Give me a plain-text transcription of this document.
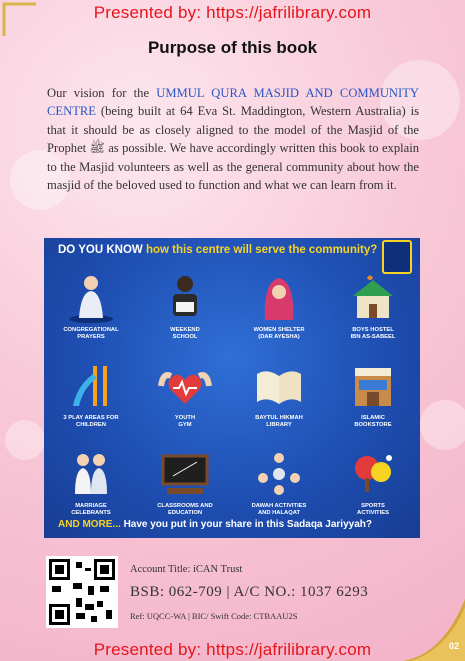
Presented by: https://jafrilibrary.com
Purpose of this book
Our vision for the UMMUL QURA MASJID AND COMMUNITY CENTRE (being built at 64 Eva St. Maddington, Western Australia) is that it should be as closely aligned to the model of the Masjid of the Prophet ﷺ as possible. We have accordingly written this book to explain to the Masjid volunteers as well as the general community about how the masjid of the beloved used to function and what we can learn from it.
DO YOU KNOW how this centre will serve the community?
CONGREGATIONAL
PRAYERS
WEEKEND
SCHOOL
WOMEN SHELTER
(DAR AYESHA)
BOYS HOSTEL
IBN AS-SABEEL
3 PLAY AREAS FOR
CHILDREN
YOUTH
GYM
BAYTUL HIKMAH
LIBRARY
ISLAMIC
BOOKSTORE
MARRIAGE
CELEBRANTS
CLASSROOMS AND
EDUCATION
DAWAH ACTIVITIES
AND HALAQAT
SPORTS
ACTIVITIES
AND MORE... Have you put in your share in this Sadaqa Jariyyah?
Account Title: iCAN Trust
BSB: 062-709 | A/C NO.: 1037 6293
Ref: UQCC-WA | BIC/ Swift Code: CTBAAU2S
02
Presented by: https://jafrilibrary.com
